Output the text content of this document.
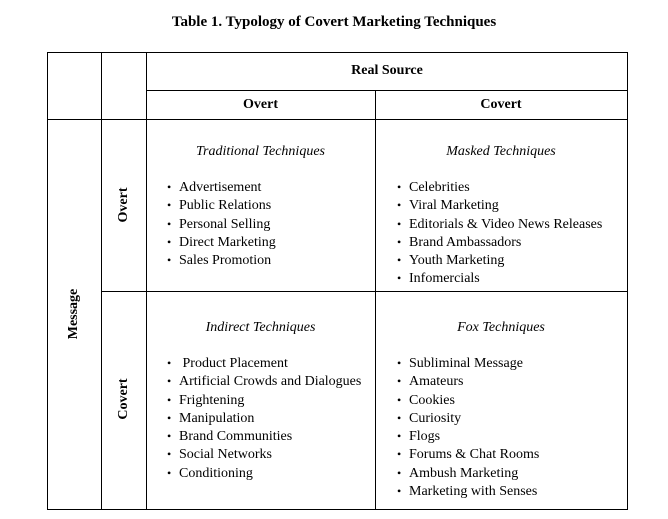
Table 1. Typology of Covert Marketing Techniques
Real Source
Overt	Covert
Message
Overt
Covert
Traditional Techniques
• Advertisement
• Public Relations
• Personal Selling
• Direct Marketing
• Sales Promotion
Masked Techniques
• Celebrities
• Viral Marketing
• Editorials & Video News Releases
• Brand Ambassadors
• Youth Marketing
• Infomercials
Indirect Techniques
• Product Placement
• Artificial Crowds and Dialogues
• Frightening
• Manipulation
• Brand Communities
• Social Networks
• Conditioning
Fox Techniques
• Subliminal Message
• Amateurs
• Cookies
• Curiosity
• Flogs
• Forums & Chat Rooms
• Ambush Marketing
• Marketing with Senses
